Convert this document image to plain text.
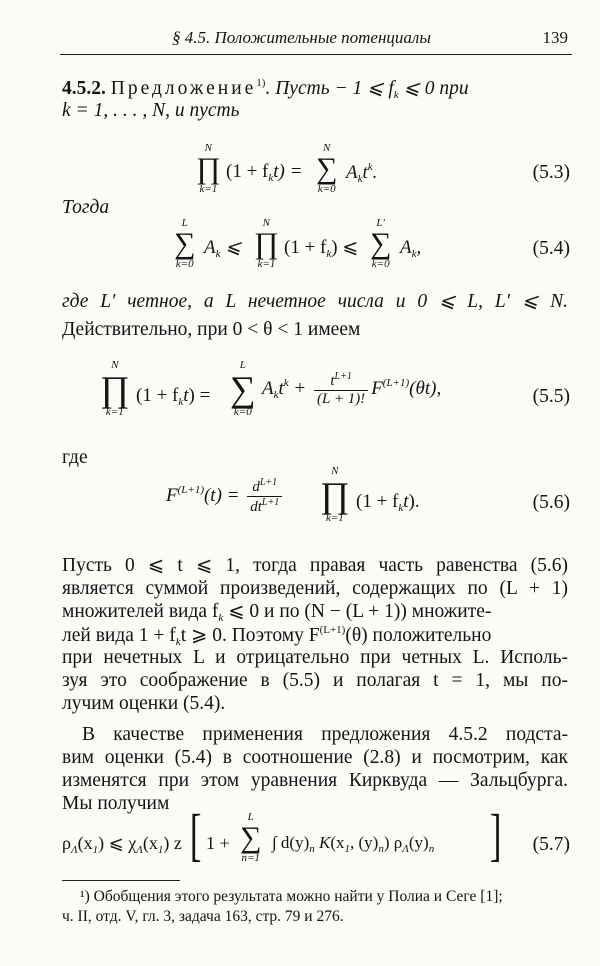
§ 4.5. Положительные потенциалы	139
4.5.2. Предложение$^{1)}$. Пусть − 1 ⩽ $f_k$ ⩽ 0 при
k = 1, . . . , N, и пусть
N
∏
k=1
$(1 + f_kt)$ =
N
∑
k=0
$A_kt^k$.	(5.3)
Тогда
L
∑
k=0
$A_k$ ⩽
N
∏
k=1
$(1 + f_k)$ ⩽
L′
∑
k=0
$A_k$,	(5.4)
где L′ четное, а L нечетное числа и 0 ⩽ L, L′ ⩽ N.
Действительно, при 0 < θ < 1 имеем
N
∏
k=1
$(1 + f_kt)$ =
L
∑
k=0
$A_kt^k + \frac{t^{L+1}}{(L + 1)!} F^{(L+1)}(\theta t)$,	(5.5)
где
$F^{(L+1)}(t) = \frac{d^{L+1}}{dt^{L+1}}$
N
∏
k=1
$(1 + f_kt)$.	(5.6)
Пусть 0 ⩽ t ⩽ 1, тогда правая часть равенства (5.6)
является суммой произведений, содержащих по (L + 1)
множителей вида $f_k$ ⩽ 0 и по (N − (L + 1)) множите-
лей вида $1 + f_kt$ ⩾ 0. Поэтому $F^{(L+1)}(\theta)$ положительно
при нечетных L и отрицательно при четных L. Исполь-
зуя это соображение в (5.5) и полагая t = 1, мы по-
лучим оценки (5.4).
В качестве применения предложения 4.5.2 подста-
вим оценки (5.4) в соотношение (2.8) и посмотрим, как
изменятся при этом уравнения Кирквуда — Зальцбурга.
Мы получим
$\rho_\Lambda(x_1)$ ⩽ $\chi_\Lambda(x_1)$ z [ 1 +
L
∑
n=1
∫ $d(y)_n$ $K(x_1$, $(y)_n$) $\rho_\Lambda(y)_n$ ] (5.7)
¹) Обобщения этого результата можно найти у Полиа и Сеге [1];
ч. II, отд. V, гл. 3, задача 163, стр. 79 и 276.
